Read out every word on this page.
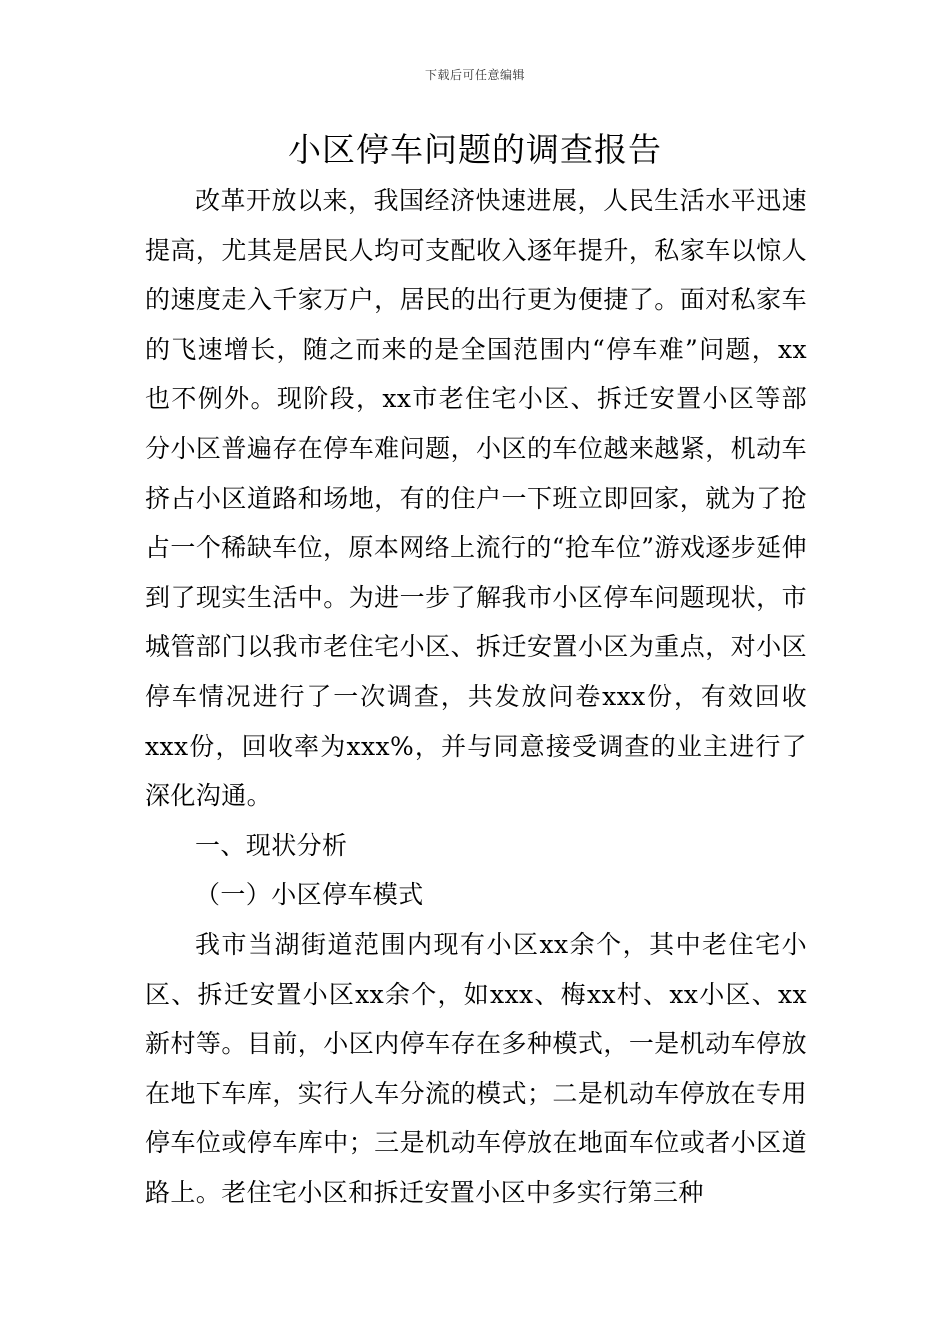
下载后可任意编辑
小区停车问题的调查报告

改革开放以来，我国经济快速进展，人民生活水平迅速提高，尤其是居民人均可支配收入逐年提升，私家车以惊人的速度走入千家万户，居民的出行更为便捷了。面对私家车的飞速增长，随之而来的是全国范围内“停车难”问题，xx也不例外。现阶段，xx市老住宅小区、拆迁安置小区等部分小区普遍存在停车难问题，小区的车位越来越紧，机动车挤占小区道路和场地，有的住户一下班立即回家，就为了抢占一个稀缺车位，原本网络上流行的“抢车位”游戏逐步延伸到了现实生活中。为进一步了解我市小区停车问题现状，市城管部门以我市老住宅小区、拆迁安置小区为重点，对小区停车情况进行了一次调查，共发放问卷xxx份，有效回收xxx份，回收率为xxx%，并与同意接受调查的业主进行了深化沟通。

一、现状分析

（一）小区停车模式

我市当湖街道范围内现有小区xx余个，其中老住宅小区、拆迁安置小区xx余个，如xxx、梅xx村、xx小区、xx新村等。目前，小区内停车存在多种模式，一是机动车停放在地下车库，实行人车分流的模式；二是机动车停放在专用停车位或停车库中；三是机动车停放在地面车位或者小区道路上。老住宅小区和拆迁安置小区中多实行第三种
